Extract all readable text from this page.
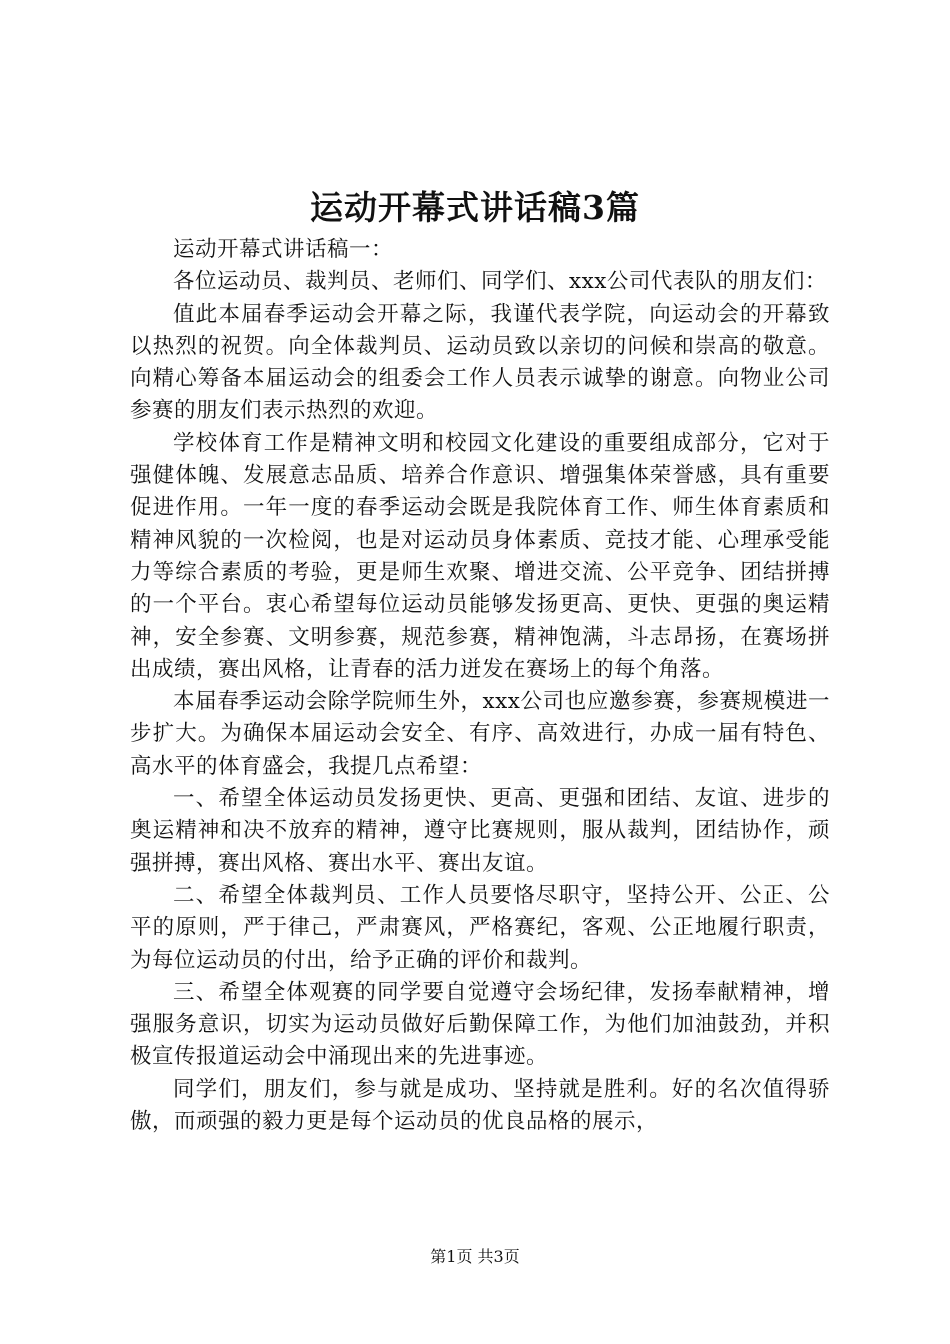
运动开幕式讲话稿3篇

运动开幕式讲话稿一：

各位运动员、裁判员、老师们、同学们、xxx公司代表队的朋友们：

值此本届春季运动会开幕之际，我谨代表学院，向运动会的开幕致以热烈的祝贺。向全体裁判员、运动员致以亲切的问候和崇高的敬意。向精心筹备本届运动会的组委会工作人员表示诚挚的谢意。向物业公司参赛的朋友们表示热烈的欢迎。

学校体育工作是精神文明和校园文化建设的重要组成部分，它对于强健体魄、发展意志品质、培养合作意识、增强集体荣誉感，具有重要促进作用。一年一度的春季运动会既是我院体育工作、师生体育素质和精神风貌的一次检阅，也是对运动员身体素质、竞技才能、心理承受能力等综合素质的考验，更是师生欢聚、增进交流、公平竞争、团结拼搏的一个平台。衷心希望每位运动员能够发扬更高、更快、更强的奥运精神，安全参赛、文明参赛，规范参赛，精神饱满，斗志昂扬，在赛场拼出成绩，赛出风格，让青春的活力迸发在赛场上的每个角落。

本届春季运动会除学院师生外，xxx公司也应邀参赛，参赛规模进一步扩大。为确保本届运动会安全、有序、高效进行，办成一届有特色、高水平的体育盛会，我提几点希望：

一、希望全体运动员发扬更快、更高、更强和团结、友谊、进步的奥运精神和决不放弃的精神，遵守比赛规则，服从裁判，团结协作，顽强拼搏，赛出风格、赛出水平、赛出友谊。

二、希望全体裁判员、工作人员要恪尽职守，坚持公开、公正、公平的原则，严于律己，严肃赛风，严格赛纪，客观、公正地履行职责，为每位运动员的付出，给予正确的评价和裁判。

三、希望全体观赛的同学要自觉遵守会场纪律，发扬奉献精神，增强服务意识，切实为运动员做好后勤保障工作，为他们加油鼓劲，并积极宣传报道运动会中涌现出来的先进事迹。

同学们，朋友们，参与就是成功、坚持就是胜利。好的名次值得骄傲，而顽强的毅力更是每个运动员的优良品格的展示，

第1页 共3页
